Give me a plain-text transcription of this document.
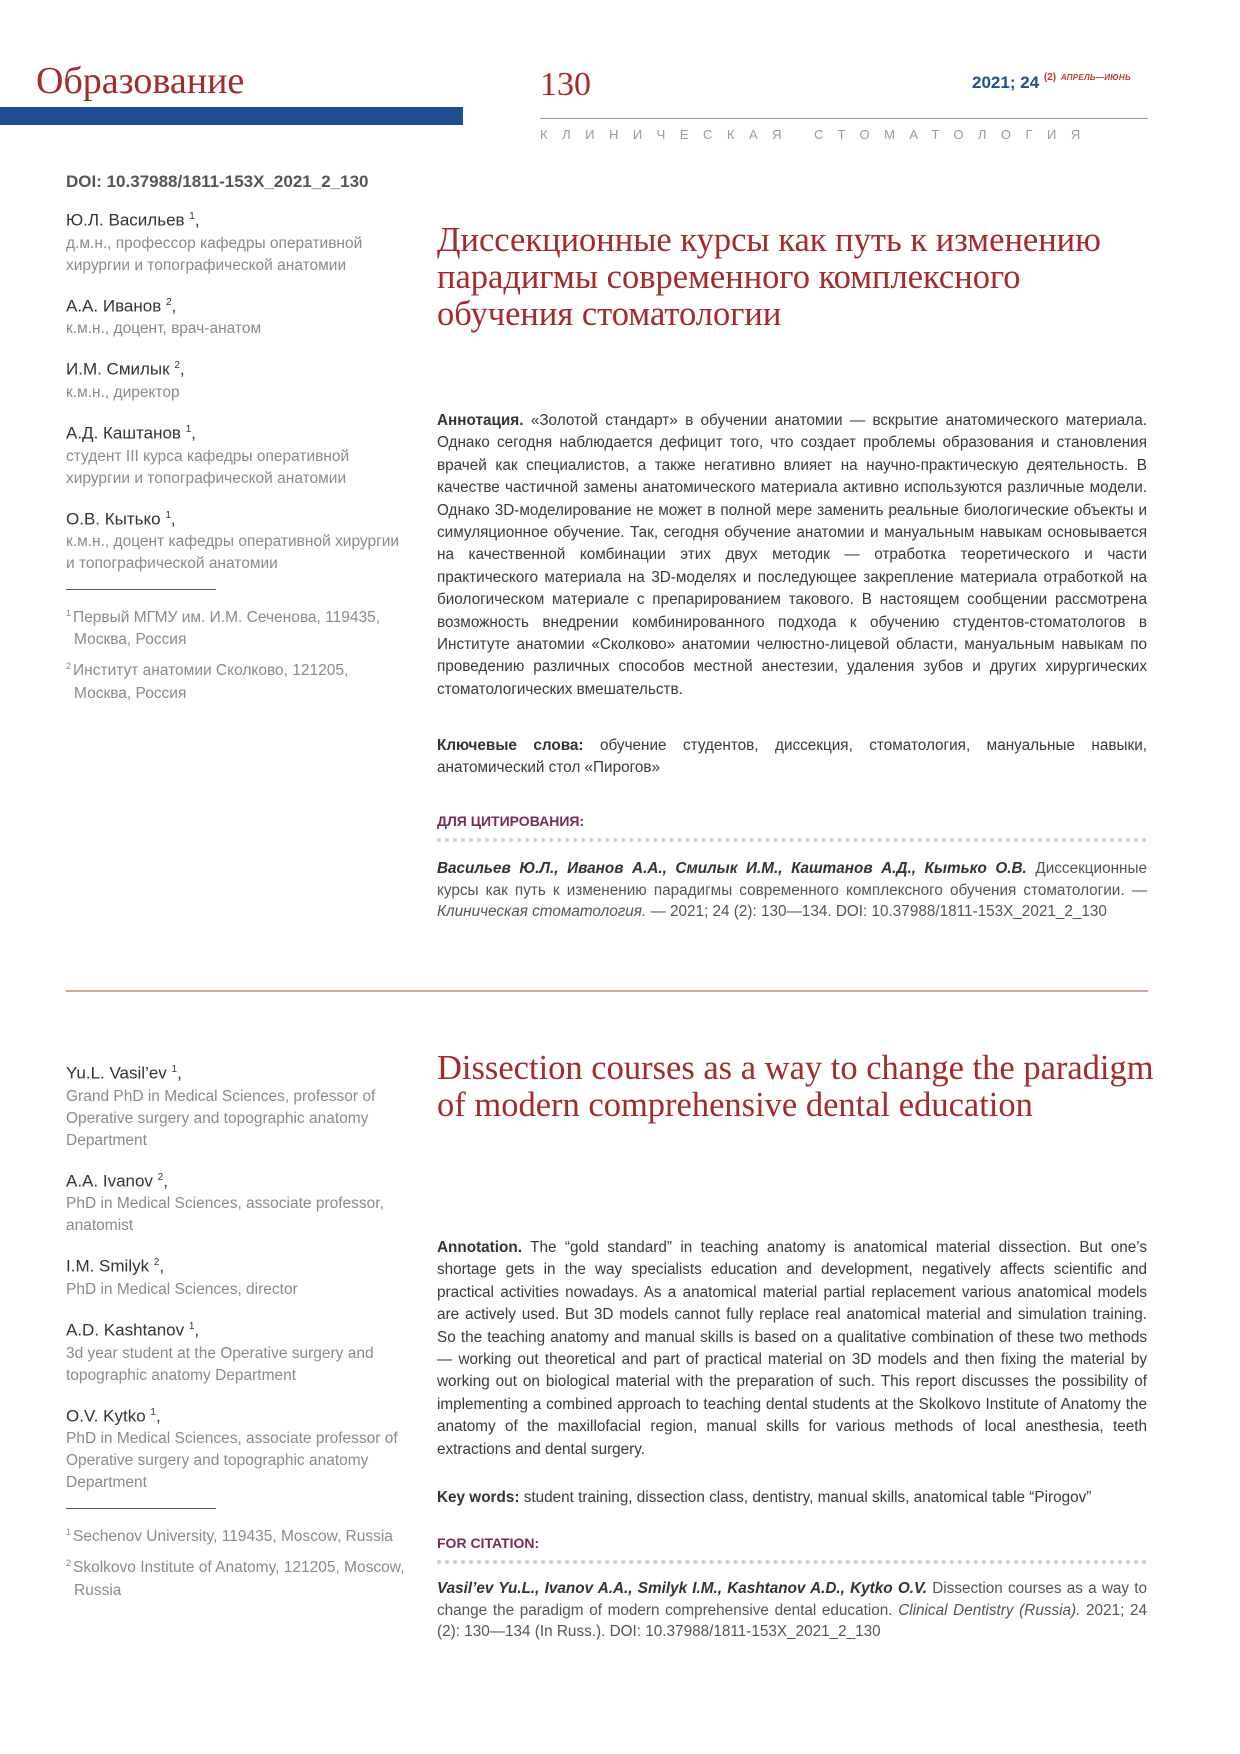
Образование	130	2021; 24 $^{(2)}$ $^{АПРЕЛЬ—ИЮНЬ}$
КЛИНИЧЕСКАЯ СТОМАТОЛОГИЯ
DOI: 10.37988/1811-153X_2021_2_130
Ю.Л. Васильев $^1$,
д.м.н., профессор кафедры оперативной хирургии и топографической анатомии
А.А. Иванов $^2$,
к.м.н., доцент, врач-анатом
И.М. Смилык $^2$,
к.м.н., директор
А.Д. Каштанов $^1$,
студент III курса кафедры оперативной хирургии и топографической анатомии
О.В. Кытько $^1$,
к.м.н., доцент кафедры оперативной хирургии и топографической анатомии
$^1$ Первый МГМУ им. И.М. Сеченова, 119435, Москва, Россия
$^2$ Институт анатомии Сколково, 121205, Москва, Россия
Диссекционные курсы как путь к изменению парадигмы современного комплексного обучения стоматологии
Аннотация. «Золотой стандарт» в обучении анатомии — вскрытие анатомического материала. Однако сегодня наблюдается дефицит того, что создает проблемы образования и становления врачей как специалистов, а также негативно влияет на научно-практическую деятельность. В качестве частичной замены анатомического материала активно используются различные модели. Однако 3D-моделирование не может в полной мере заменить реальные биологические объекты и симуляционное обучение. Так, сегодня обучение анатомии и мануальным навыкам основывается на качественной комбинации этих двух методик — отработка теоретического и части практического материала на 3D-моделях и последующее закрепление материала отработкой на биологическом материале с препарированием такового. В настоящем сообщении рассмотрена возможность внедрении комбинированного подхода к обучению студентов-стоматологов в Институте анатомии «Сколково» анатомии челюстно-лицевой области, мануальным навыкам по проведению различных способов местной анестезии, удаления зубов и других хирургических стоматологических вмешательств.
Ключевые слова: обучение студентов, диссекция, стоматология, мануальные навыки, анатомический стол «Пирогов»
ДЛЯ ЦИТИРОВАНИЯ:
Васильев Ю.Л., Иванов А.А., Смилык И.М., Каштанов А.Д., Кытько О.В. Диссекционные курсы как путь к изменению парадигмы современного комплексного обучения стоматологии. — Клиническая стоматология. — 2021; 24 (2): 130—134. DOI: 10.37988/1811-153X_2021_2_130
Yu.L. Vasil’ev $^1$,
Grand PhD in Medical Sciences, professor of Operative surgery and topographic anatomy Department
A.A. Ivanov $^2$,
PhD in Medical Sciences, associate professor, anatomist
I.M. Smilyk $^2$,
PhD in Medical Sciences, director
A.D. Kashtanov $^1$,
3d year student at the Operative surgery and topographic anatomy Department
O.V. Kytko $^1$,
PhD in Medical Sciences, associate professor of Operative surgery and topographic anatomy Department
$^1$ Sechenov University, 119435, Moscow, Russia
$^2$ Skolkovo Institute of Anatomy, 121205, Moscow, Russia
Dissection courses as a way to change the paradigm of modern comprehensive dental education
Annotation. The “gold standard” in teaching anatomy is anatomical material dissection. But one’s shortage gets in the way specialists education and development, negatively affects scientific and practical activities nowadays. As a anatomical material partial replacement various anatomical models are actively used. But 3D models cannot fully replace real anatomical material and simulation training. So the teaching anatomy and manual skills is based on a qualitative combination of these two methods — working out theoretical and part of practical material on 3D models and then fixing the material by working out on biological material with the preparation of such. This report discusses the possibility of implementing a combined approach to teaching dental students at the Skolkovo Institute of Anatomy the anatomy of the maxillofacial region, manual skills for various methods of local anesthesia, teeth extractions and dental surgery.
Key words: student training, dissection class, dentistry, manual skills, anatomical table “Pirogov”
FOR CITATION:
Vasil’ev Yu.L., Ivanov A.A., Smilyk I.M., Kashtanov A.D., Kytko O.V. Dissection courses as a way to change the paradigm of modern comprehensive dental education. Clinical Dentistry (Russia). 2021; 24 (2): 130—134 (In Russ.). DOI: 10.37988/1811-153X_2021_2_130
